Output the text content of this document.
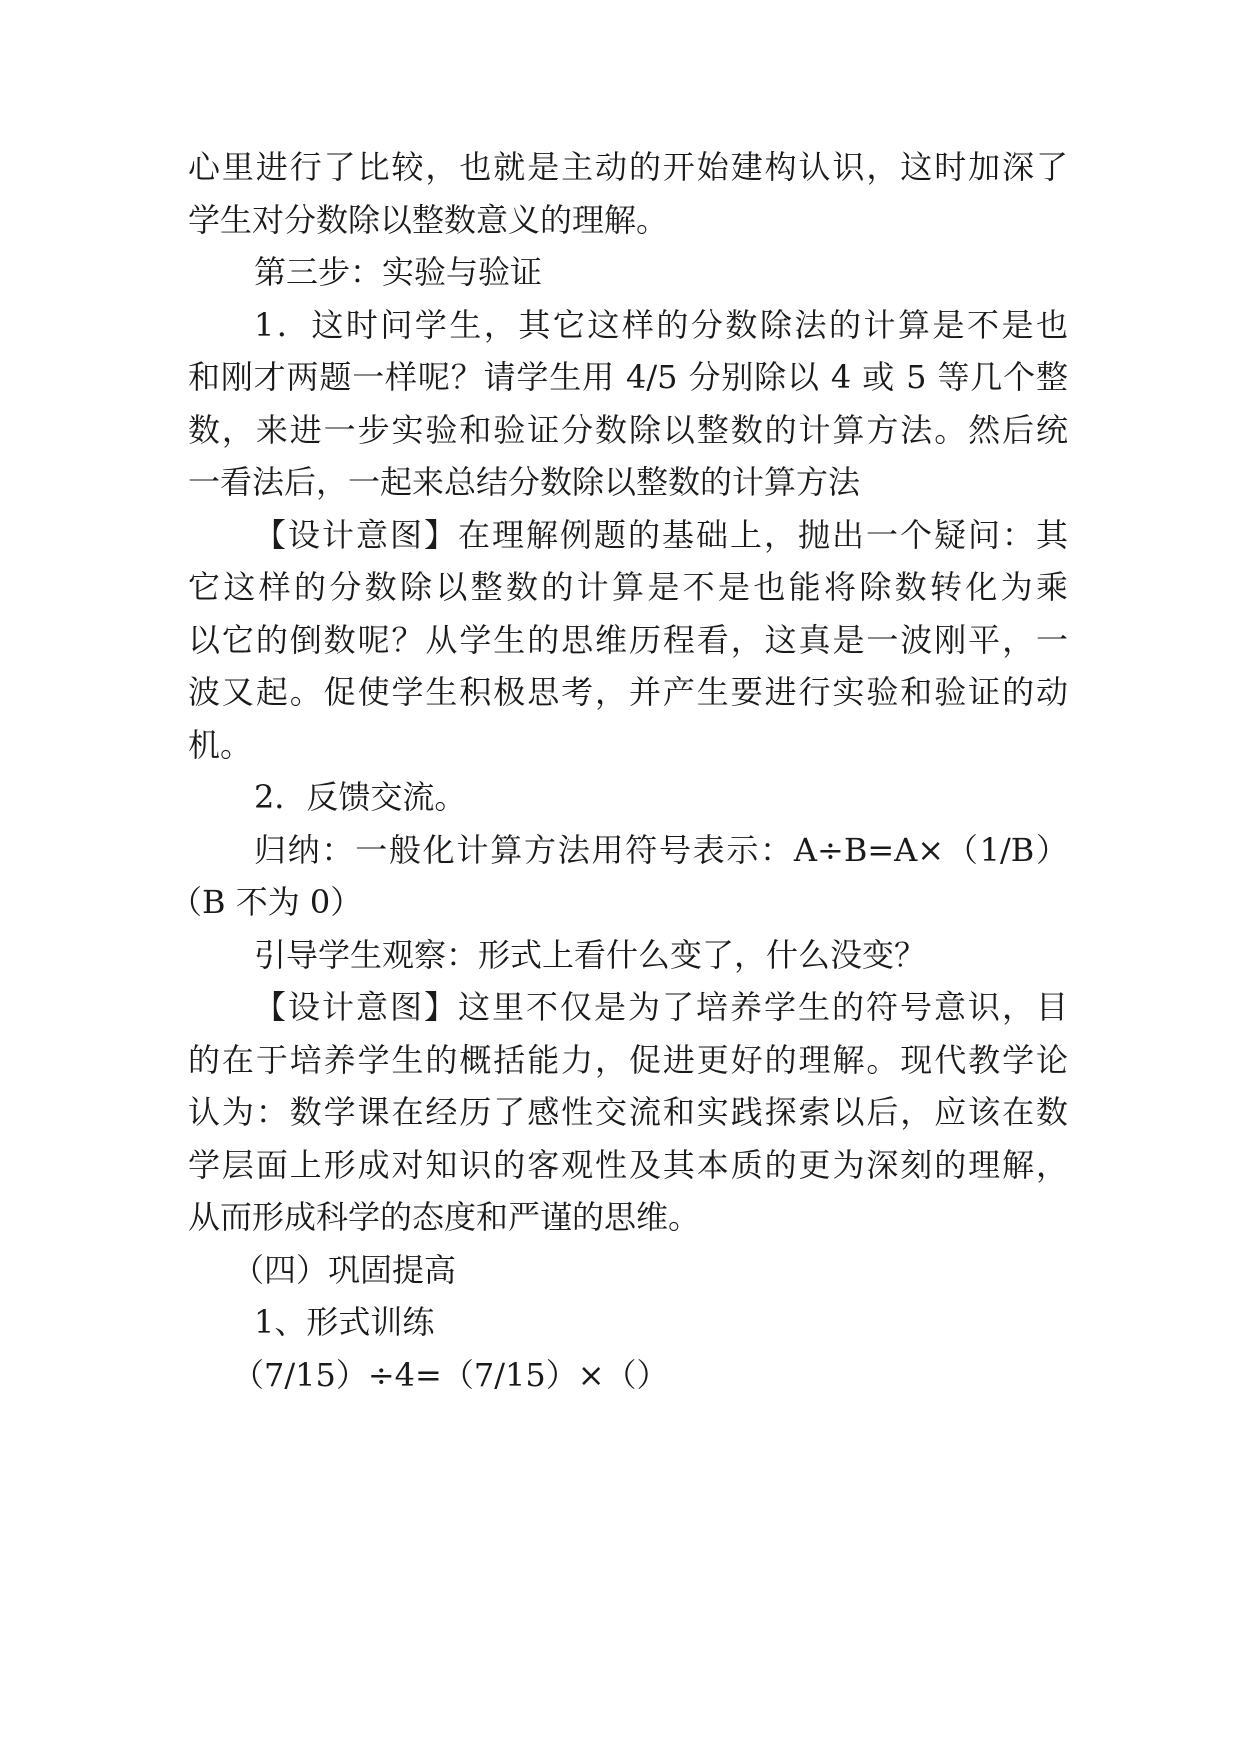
心里进行了比较，也就是主动的开始建构认识，这时加深了
学生对分数除以整数意义的理解。
第三步：实验与验证
1．这时问学生，其它这样的分数除法的计算是不是也
和刚才两题一样呢？请学生用 4/5 分别除以 4 或 5 等几个整
数，来进一步实验和验证分数除以整数的计算方法。然后统
一看法后，一起来总结分数除以整数的计算方法
【设计意图】在理解例题的基础上，抛出一个疑问：其
它这样的分数除以整数的计算是不是也能将除数转化为乘
以它的倒数呢？从学生的思维历程看，这真是一波刚平，一
波又起。促使学生积极思考，并产生要进行实验和验证的动
机。
2．反馈交流。
归纳：一般化计算方法用符号表示：A÷B=A×（1/B）
（B 不为 0）
引导学生观察：形式上看什么变了，什么没变？
【设计意图】这里不仅是为了培养学生的符号意识，目
的在于培养学生的概括能力，促进更好的理解。现代教学论
认为：数学课在经历了感性交流和实践探索以后，应该在数
学层面上形成对知识的客观性及其本质的更为深刻的理解，
从而形成科学的态度和严谨的思维。
（四）巩固提高
1、形式训练
（7/15）÷4=（7/15）×（）
